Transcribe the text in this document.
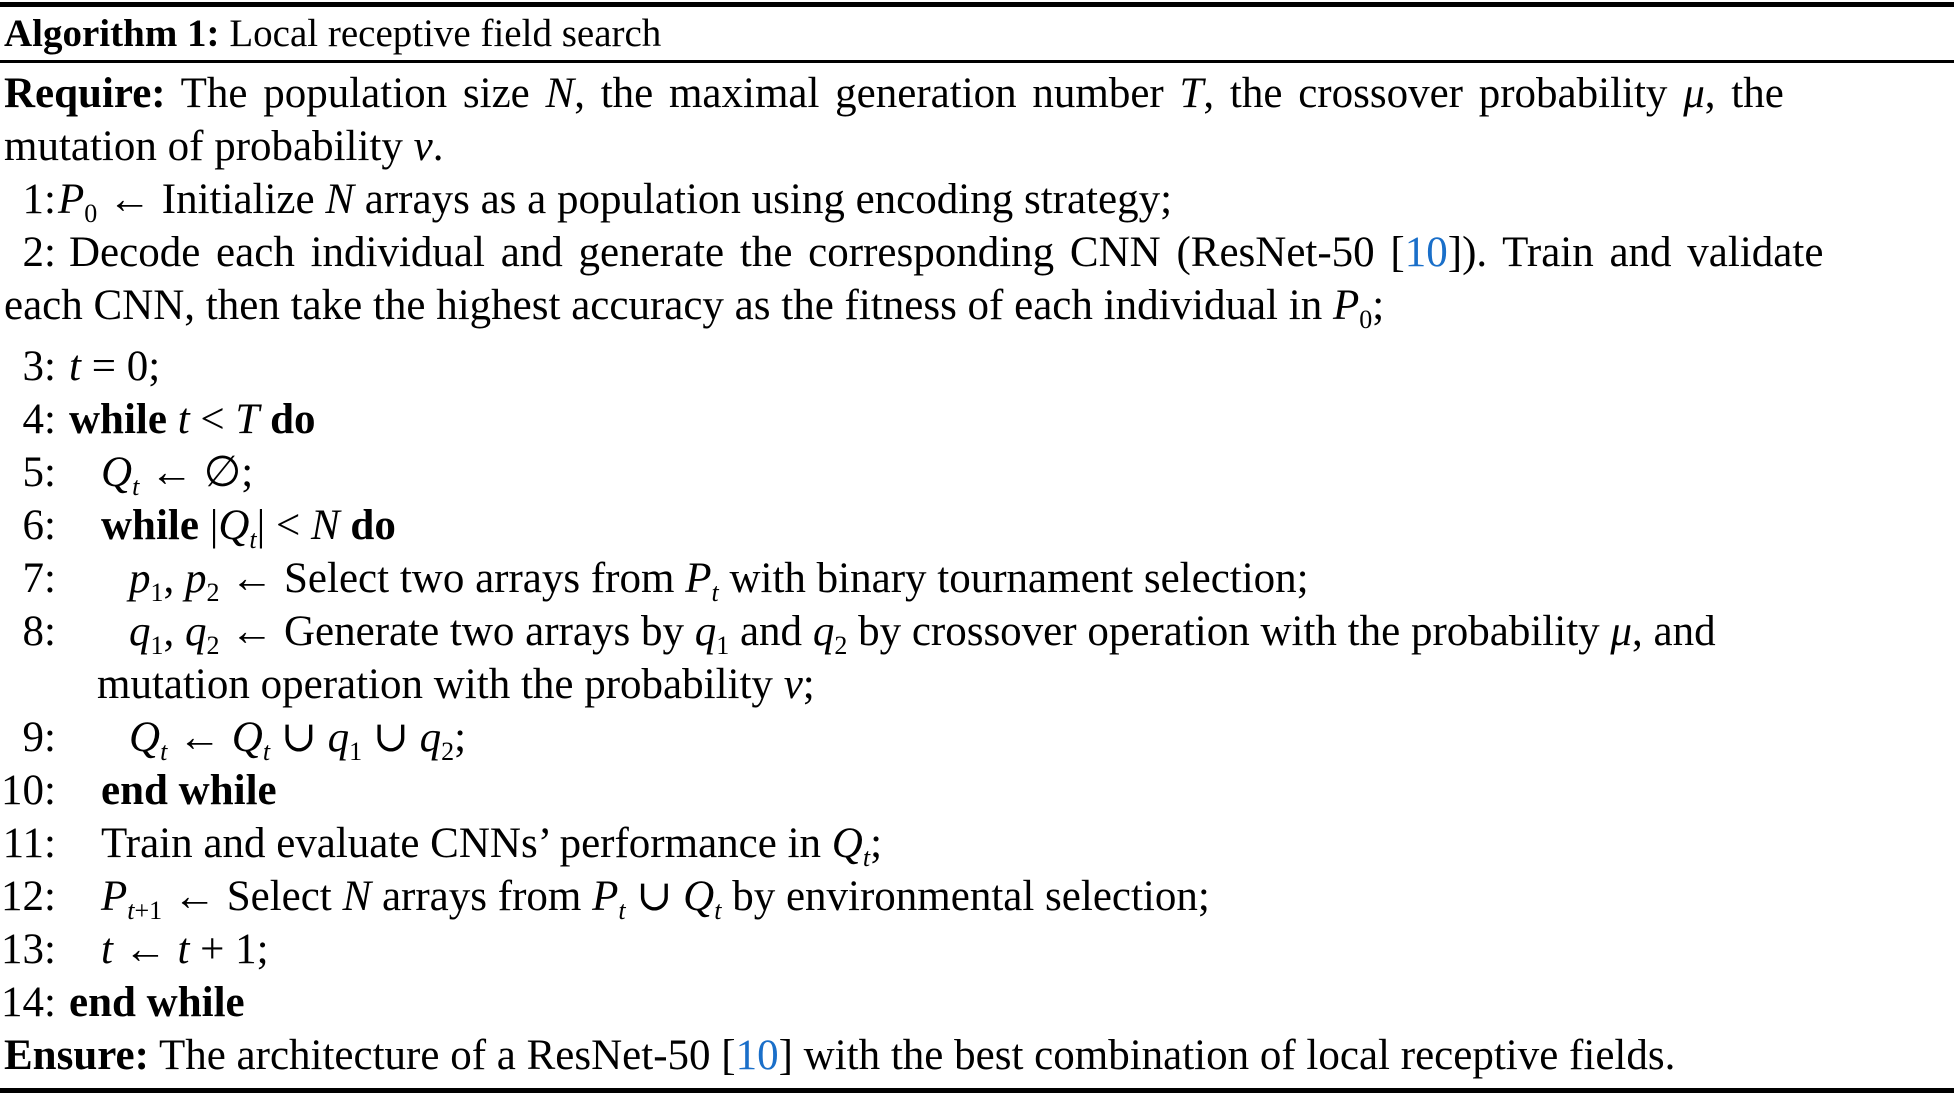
Algorithm 1: Local receptive field search
Require: The population size N, the maximal generation number T, the crossover probability μ, the
mutation of probability ν.
$1:P_0$ ← Initialize N arrays as a population using encoding strategy;
2: Decode each individual and generate the corresponding CNN (ResNet-50 [10]). Train and validate
each CNN, then take the highest accuracy as the fitness of each individual in $P_0$;
3: t = 0;
4: while t < T do
5: $Q_t$ ← ∅;
6: while $|Q_t| < N$ do
7: $p_1$, $p_2$ ← Select two arrays from $P_t$ with binary tournament selection;
8: $q_1$, $q_2$ ← Generate two arrays by $q_1$ and $q_2$ by crossover operation with the probability μ, and
mutation operation with the probability ν;
9: $Q_t$ ← $Q_t$ ∪ $q_1$ ∪ $q_2$;
10: end while
11: Train and evaluate CNNs’ performance in $Q_t$;
12: $P_{t+1}$ ← Select N arrays from $P_t$ ∪ $Q_t$ by environmental selection;
13: t ← t + 1;
14: end while
Ensure: The architecture of a ResNet-50 [10] with the best combination of local receptive fields.
